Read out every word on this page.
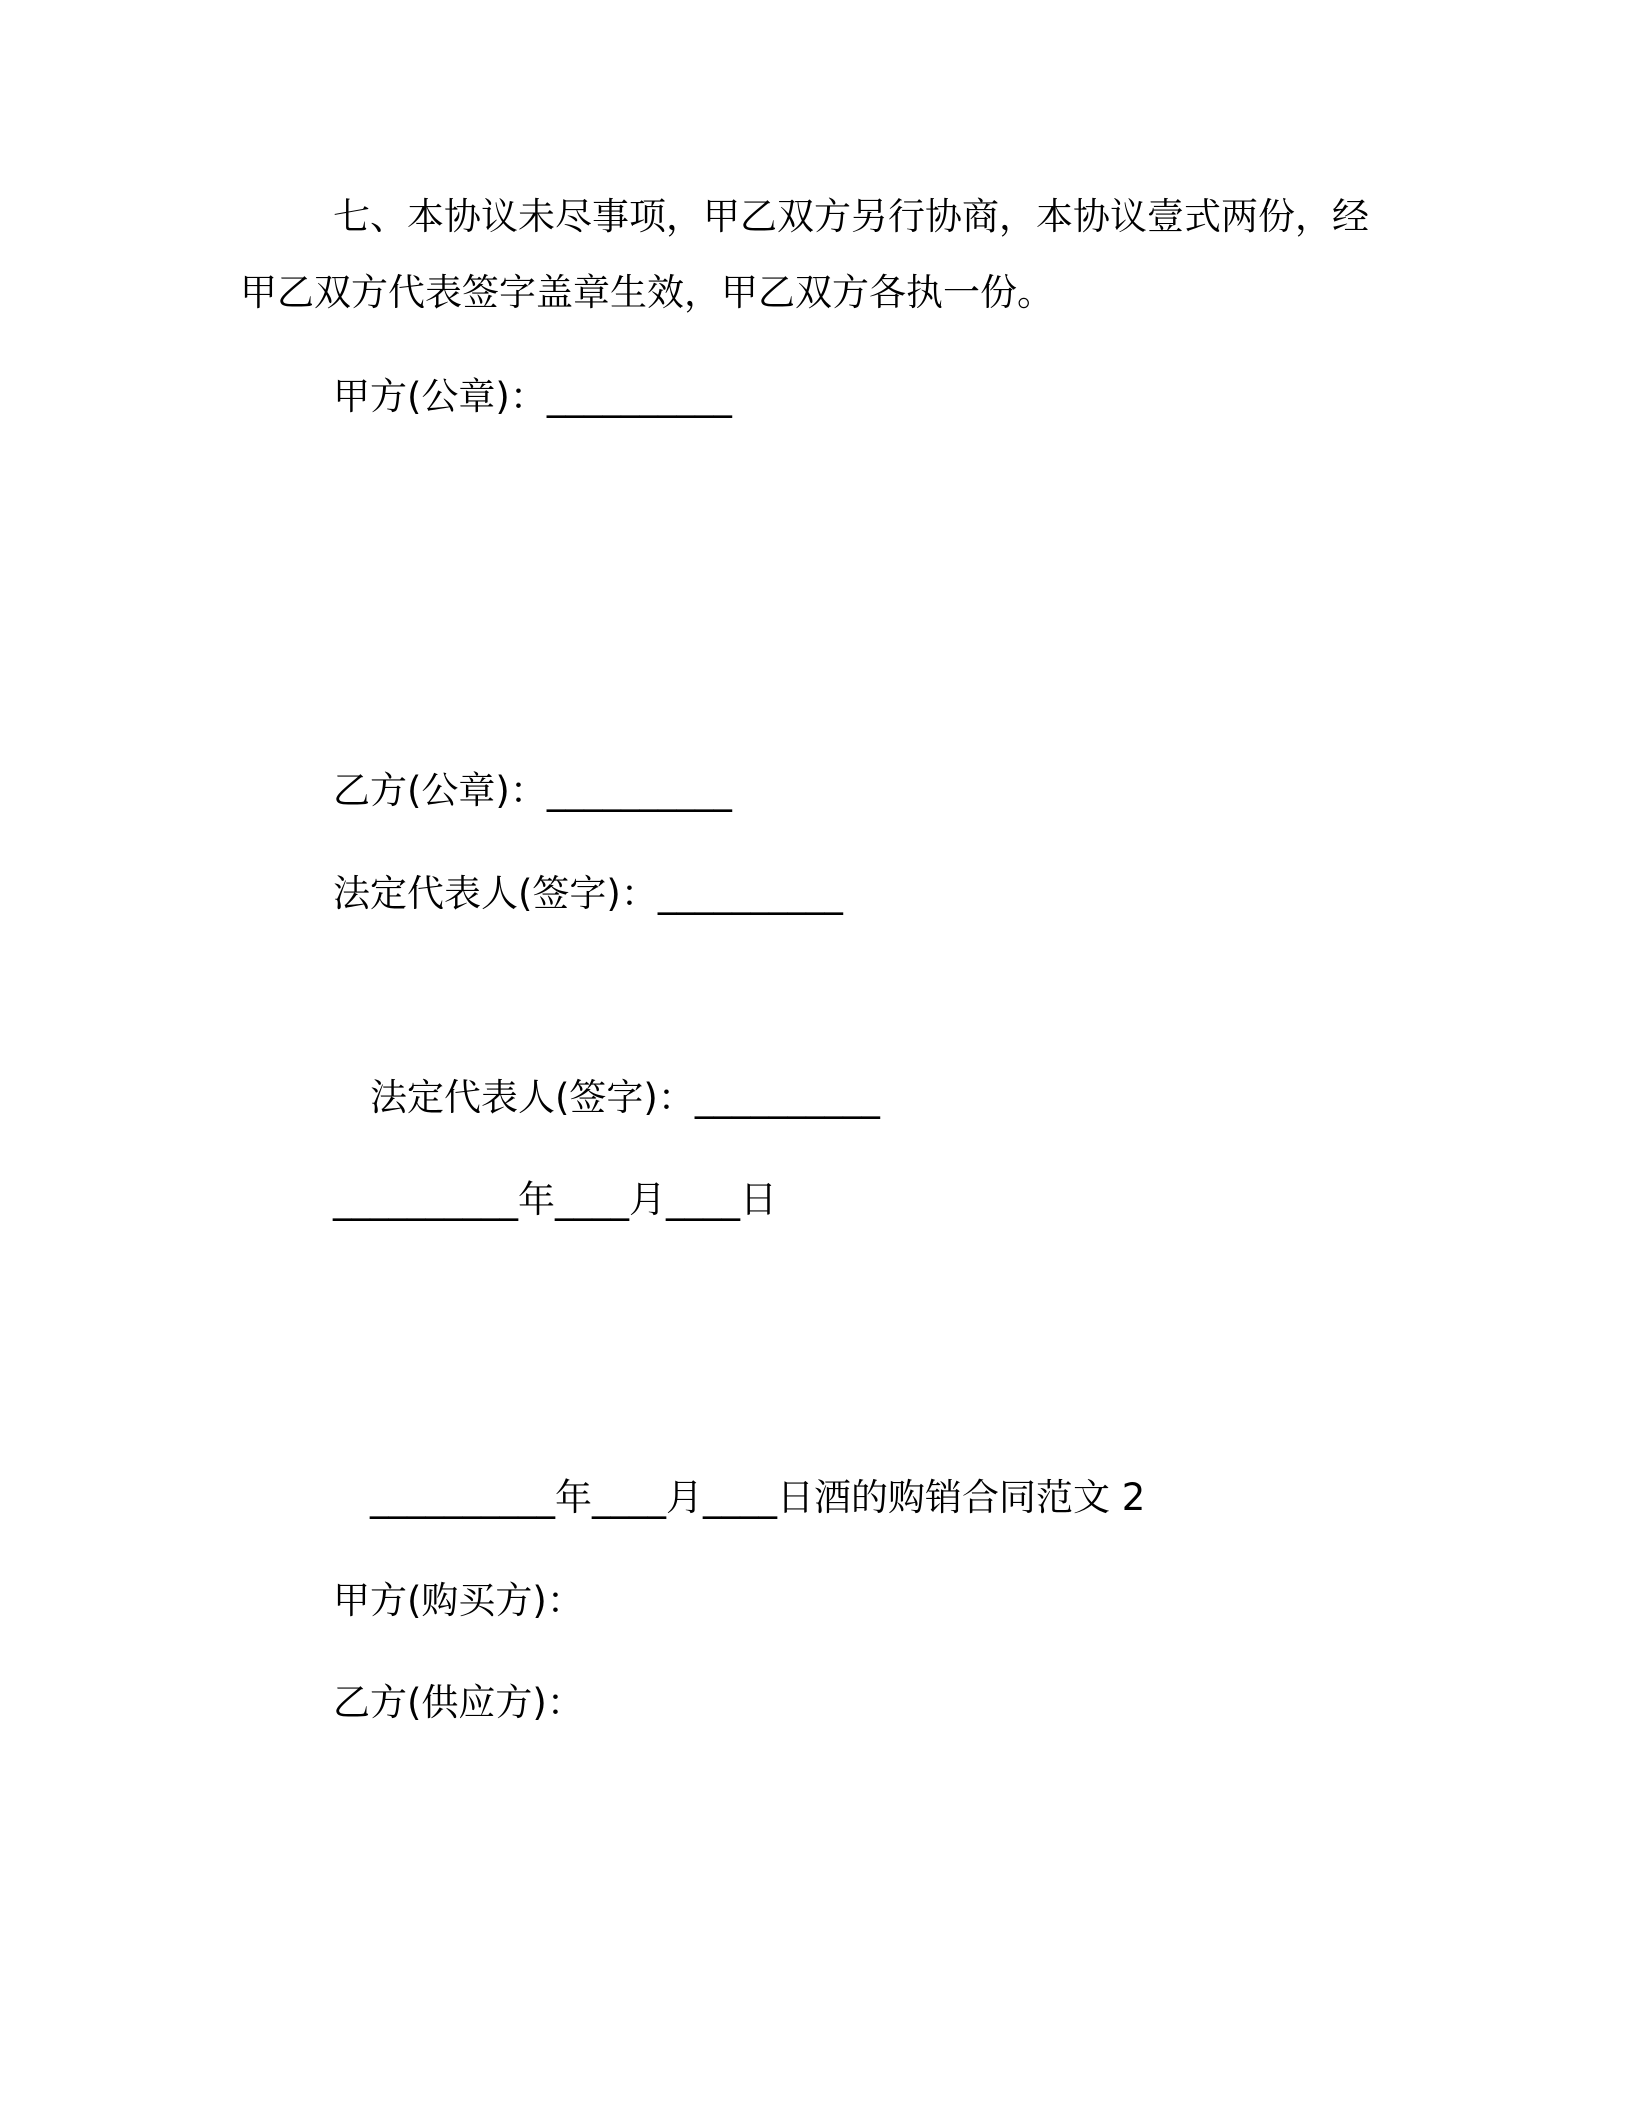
七、本协议未尽事项，甲乙双方另行协商，本协议壹式两份，经
甲乙双方代表签字盖章生效，甲乙双方各执一份。
甲方(公章)：__________
乙方(公章)：__________
法定代表人(签字)：__________
法定代表人(签字)：__________
__________年____月____日
__________年____月____日酒的购销合同范文 2
甲方(购买方)：
乙方(供应方)：
